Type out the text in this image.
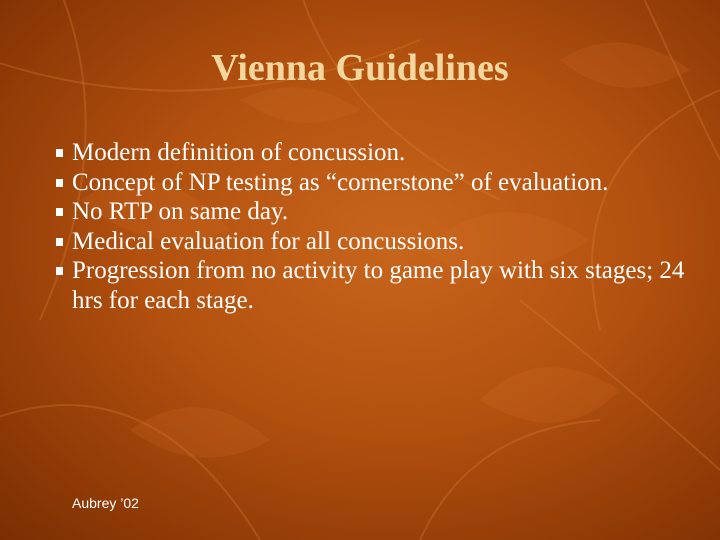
Vienna Guidelines
Modern definition of concussion.
Concept of NP testing as “cornerstone” of evaluation.
No RTP on same day.
Medical evaluation for all concussions.
Progression from no activity to game play with six stages; 24 hrs for each stage.
Aubrey ’02
